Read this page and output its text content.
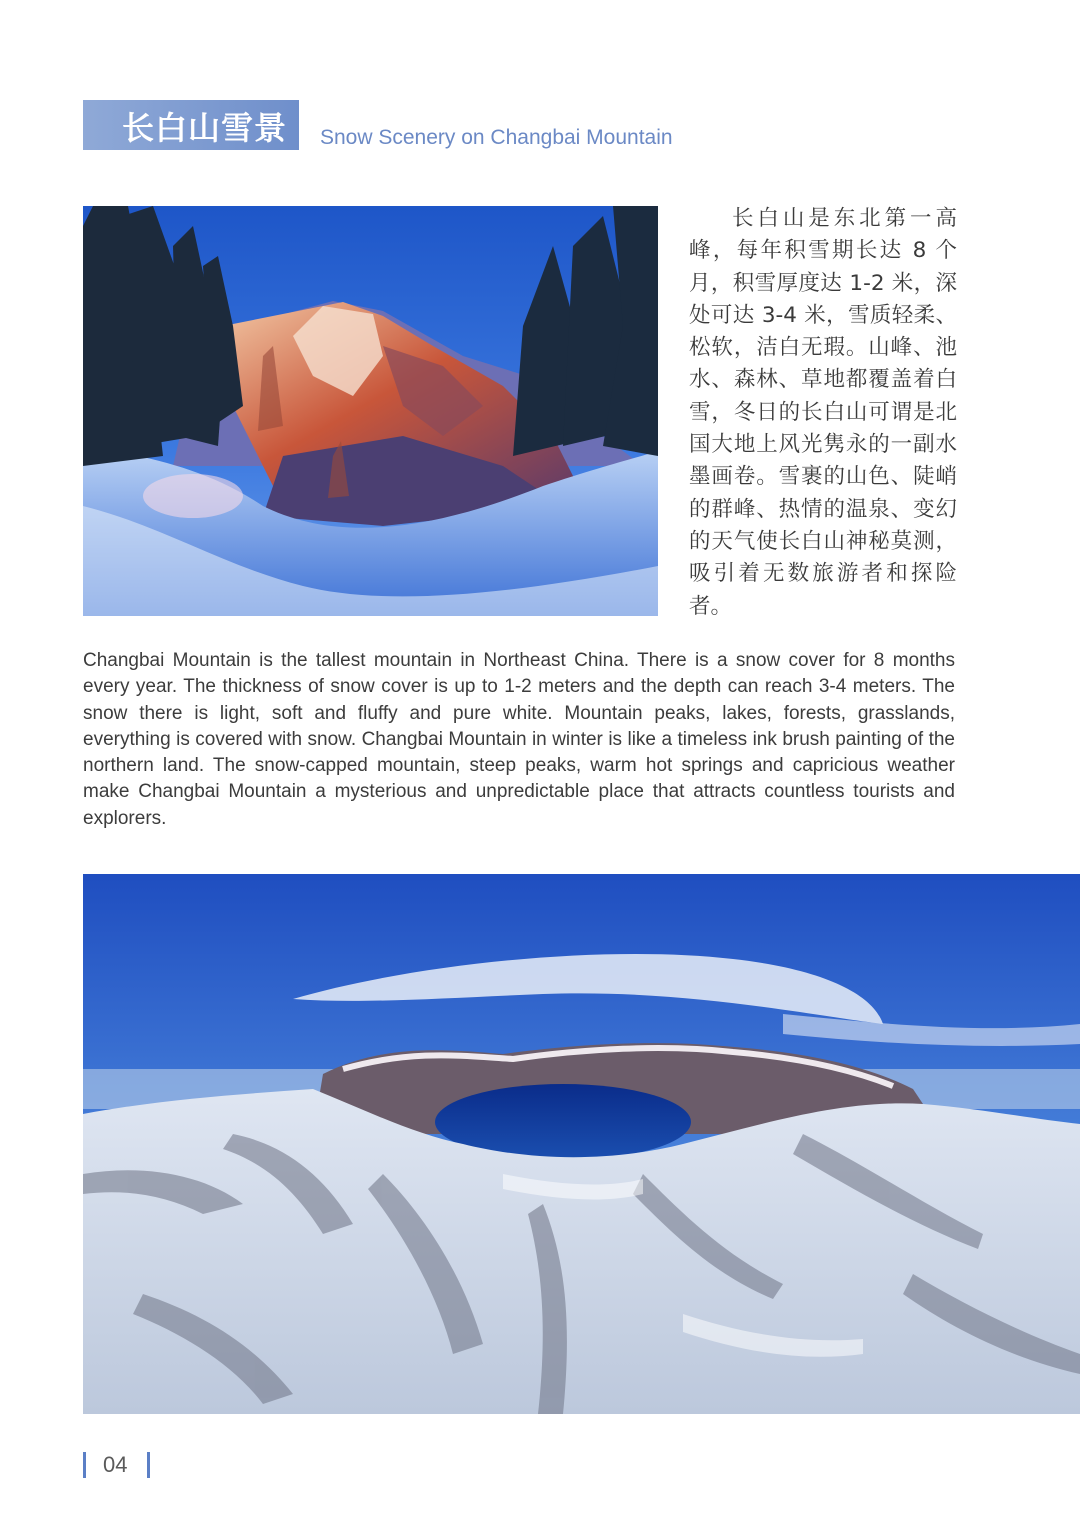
长白山雪景 Snow Scenery on Changbai Mountain

长白山是东北第一高峰，每年积雪期长达 8 个月，积雪厚度达 1-2 米，深处可达 3-4 米，雪质轻柔、松软，洁白无瑕。山峰、池水、森林、草地都覆盖着白雪，冬日的长白山可谓是北国大地上风光隽永的一副水墨画卷。雪裹的山色、陡峭的群峰、热情的温泉、变幻的天气使长白山神秘莫测，吸引着无数旅游者和探险者。

Changbai Mountain is the tallest mountain in Northeast China. There is a snow cover for 8 months every year. The thickness of snow cover is up to 1-2 meters and the depth can reach 3-4 meters. The snow there is light, soft and fluffy and pure white. Mountain peaks, lakes, forests, grasslands, everything is covered with snow. Changbai Mountain in winter is like a timeless ink brush painting of the northern land. The snow-capped mountain, steep peaks, warm hot springs and capricious weather make Changbai Mountain a mysterious and unpredictable place that attracts countless tourists and explorers.

04
